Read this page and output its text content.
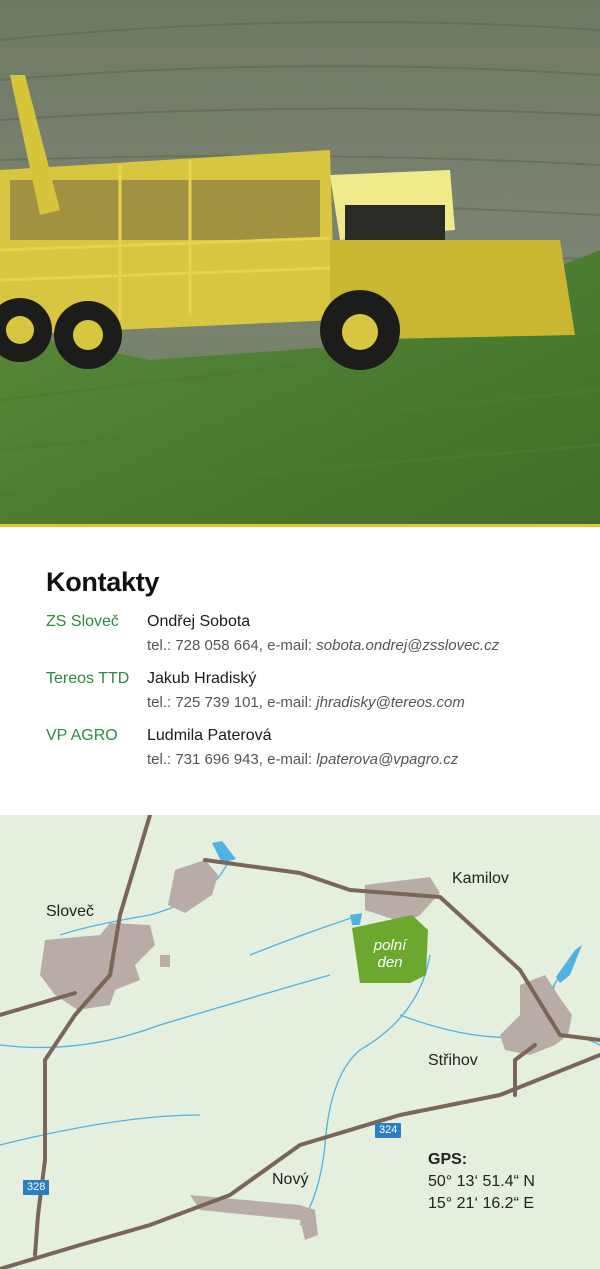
Kontakty
ZS Sloveč Ondřej Sobota
tel.: 728 058 664, e-mail: sobota.ondrej@zsslovec.cz
Tereos TTD Jakub Hradiský
tel.: 725 739 101, e-mail: jhradisky@tereos.com
VP AGRO Ludmila Paterová
tel.: 731 696 943, e-mail: lpaterova@vpagro.cz
Sloveč
Kamilov
Střihov
Nový
polní
den
324
328
GPS:
50° 13‘ 51.4“ N
15° 21‘ 16.2“ E
